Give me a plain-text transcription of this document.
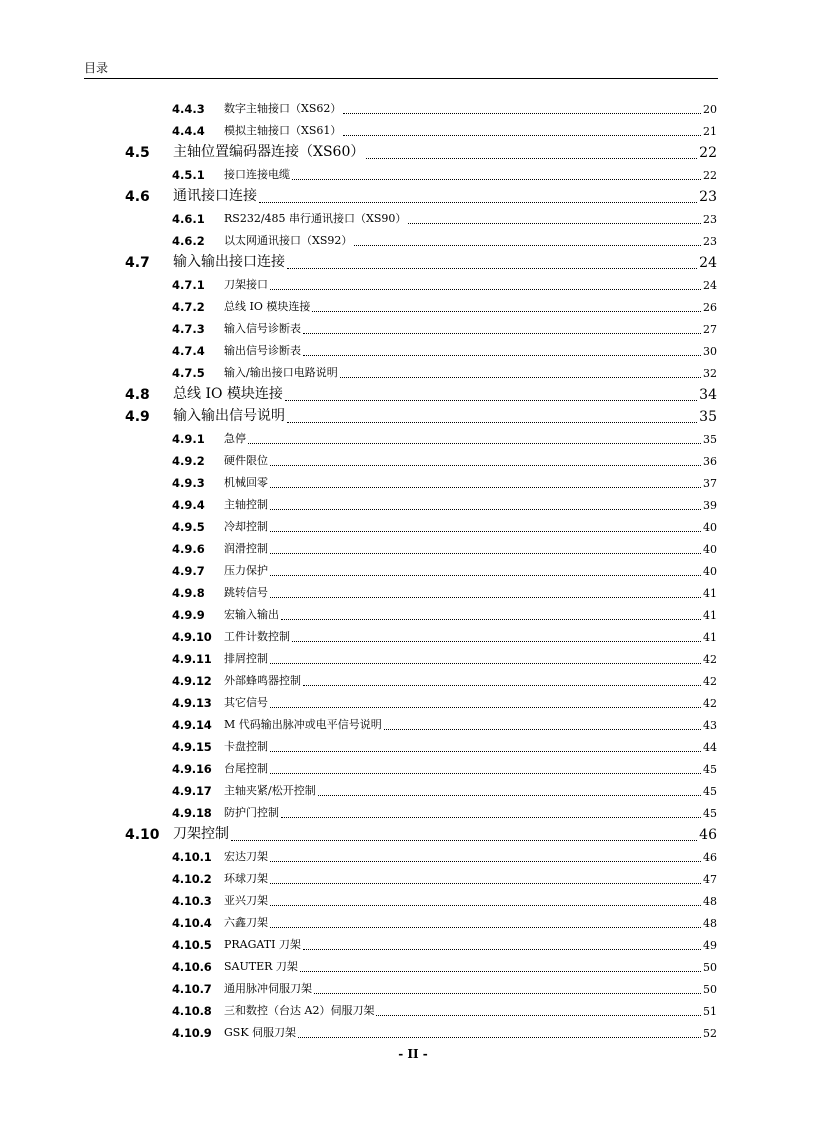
目录
4.4.3 数字主轴接口（XS62）	20
4.4.4 模拟主轴接口（XS61）	21
4.5 主轴位置编码器连接（XS60）	22
4.5.1 接口连接电缆	22
4.6 通讯接口连接	23
4.6.1 RS232/485 串行通讯接口（XS90）	23
4.6.2 以太网通讯接口（XS92）	23
4.7 输入输出接口连接	24
4.7.1 刀架接口	24
4.7.2 总线 IO 模块连接	26
4.7.3 输入信号诊断表	27
4.7.4 输出信号诊断表	30
4.7.5 输入/输出接口电路说明	32
4.8 总线 IO 模块连接	34
4.9 输入输出信号说明	35
4.9.1 急停	35
4.9.2 硬件限位	36
4.9.3 机械回零	37
4.9.4 主轴控制	39
4.9.5 冷却控制	40
4.9.6 润滑控制	40
4.9.7 压力保护	40
4.9.8 跳转信号	41
4.9.9 宏输入输出	41
4.9.10 工件计数控制	41
4.9.11 排屑控制	42
4.9.12 外部蜂鸣器控制	42
4.9.13 其它信号	42
4.9.14 M 代码输出脉冲或电平信号说明	43
4.9.15 卡盘控制	44
4.9.16 台尾控制	45
4.9.17 主轴夹紧/松开控制	45
4.9.18 防护门控制	45
4.10 刀架控制	46
4.10.1 宏达刀架	46
4.10.2 环球刀架	47
4.10.3 亚兴刀架	48
4.10.4 六鑫刀架	48
4.10.5 PRAGATI 刀架	49
4.10.6 SAUTER 刀架	50
4.10.7 通用脉冲伺服刀架	50
4.10.8 三和数控（台达 A2）伺服刀架	51
4.10.9 GSK 伺服刀架	52
- II -
